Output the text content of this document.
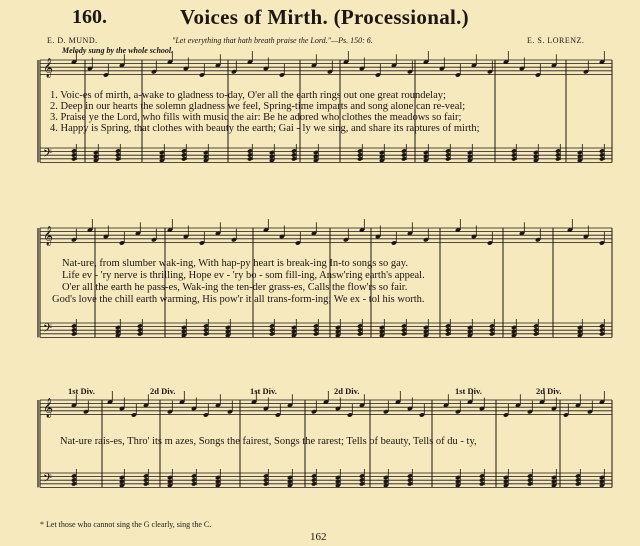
𝄞
𝄢
𝄞
𝄢
𝄞
𝄢
160.	Voices of Mirth. (Processional.)
E. D. MUND.	"Let everything that hath breath praise the Lord."—Ps. 150: 6.	E. S. LORENZ.
Melody sung by the whole school.
1. Voic-es of mirth, a-wake to gladness to-day, O'er all the earth rings out one great roundelay;
2. Deep in our hearts the solemn gladness we feel, Spring-time imparts and song alone can re-veal;
3. Praise ye the Lord, who fills with music the air: Be he adored who clothes the meadows so fair;
4. Happy is Spring, that clothes with beauty the earth; Gai - ly we sing, and share its raptures of mirth;
Nat-ure, from slumber wak-ing, With hap-py heart is break-ing In-to songs so gay.
Life ev - 'ry nerve is thrilling, Hope ev - 'ry bo - som fill-ing, Answ'ring earth's appeal.
O'er all the earth he pass-es, Wak-ing the ten-der grass-es, Calls the flow'rs so fair.
God's love the chill earth warming, His pow'r it all trans-form-ing; We ex - tol his worth.
1st Div.	2d Div.	1st Div.	2d Div.	1st Div.	2d Div.
Nat-ure rais-es, Thro' its m azes, Songs the fairest, Songs the rarest; Tells of beauty, Tells of du - ty,
* Let those who cannot sing the G clearly, sing the C.
162
